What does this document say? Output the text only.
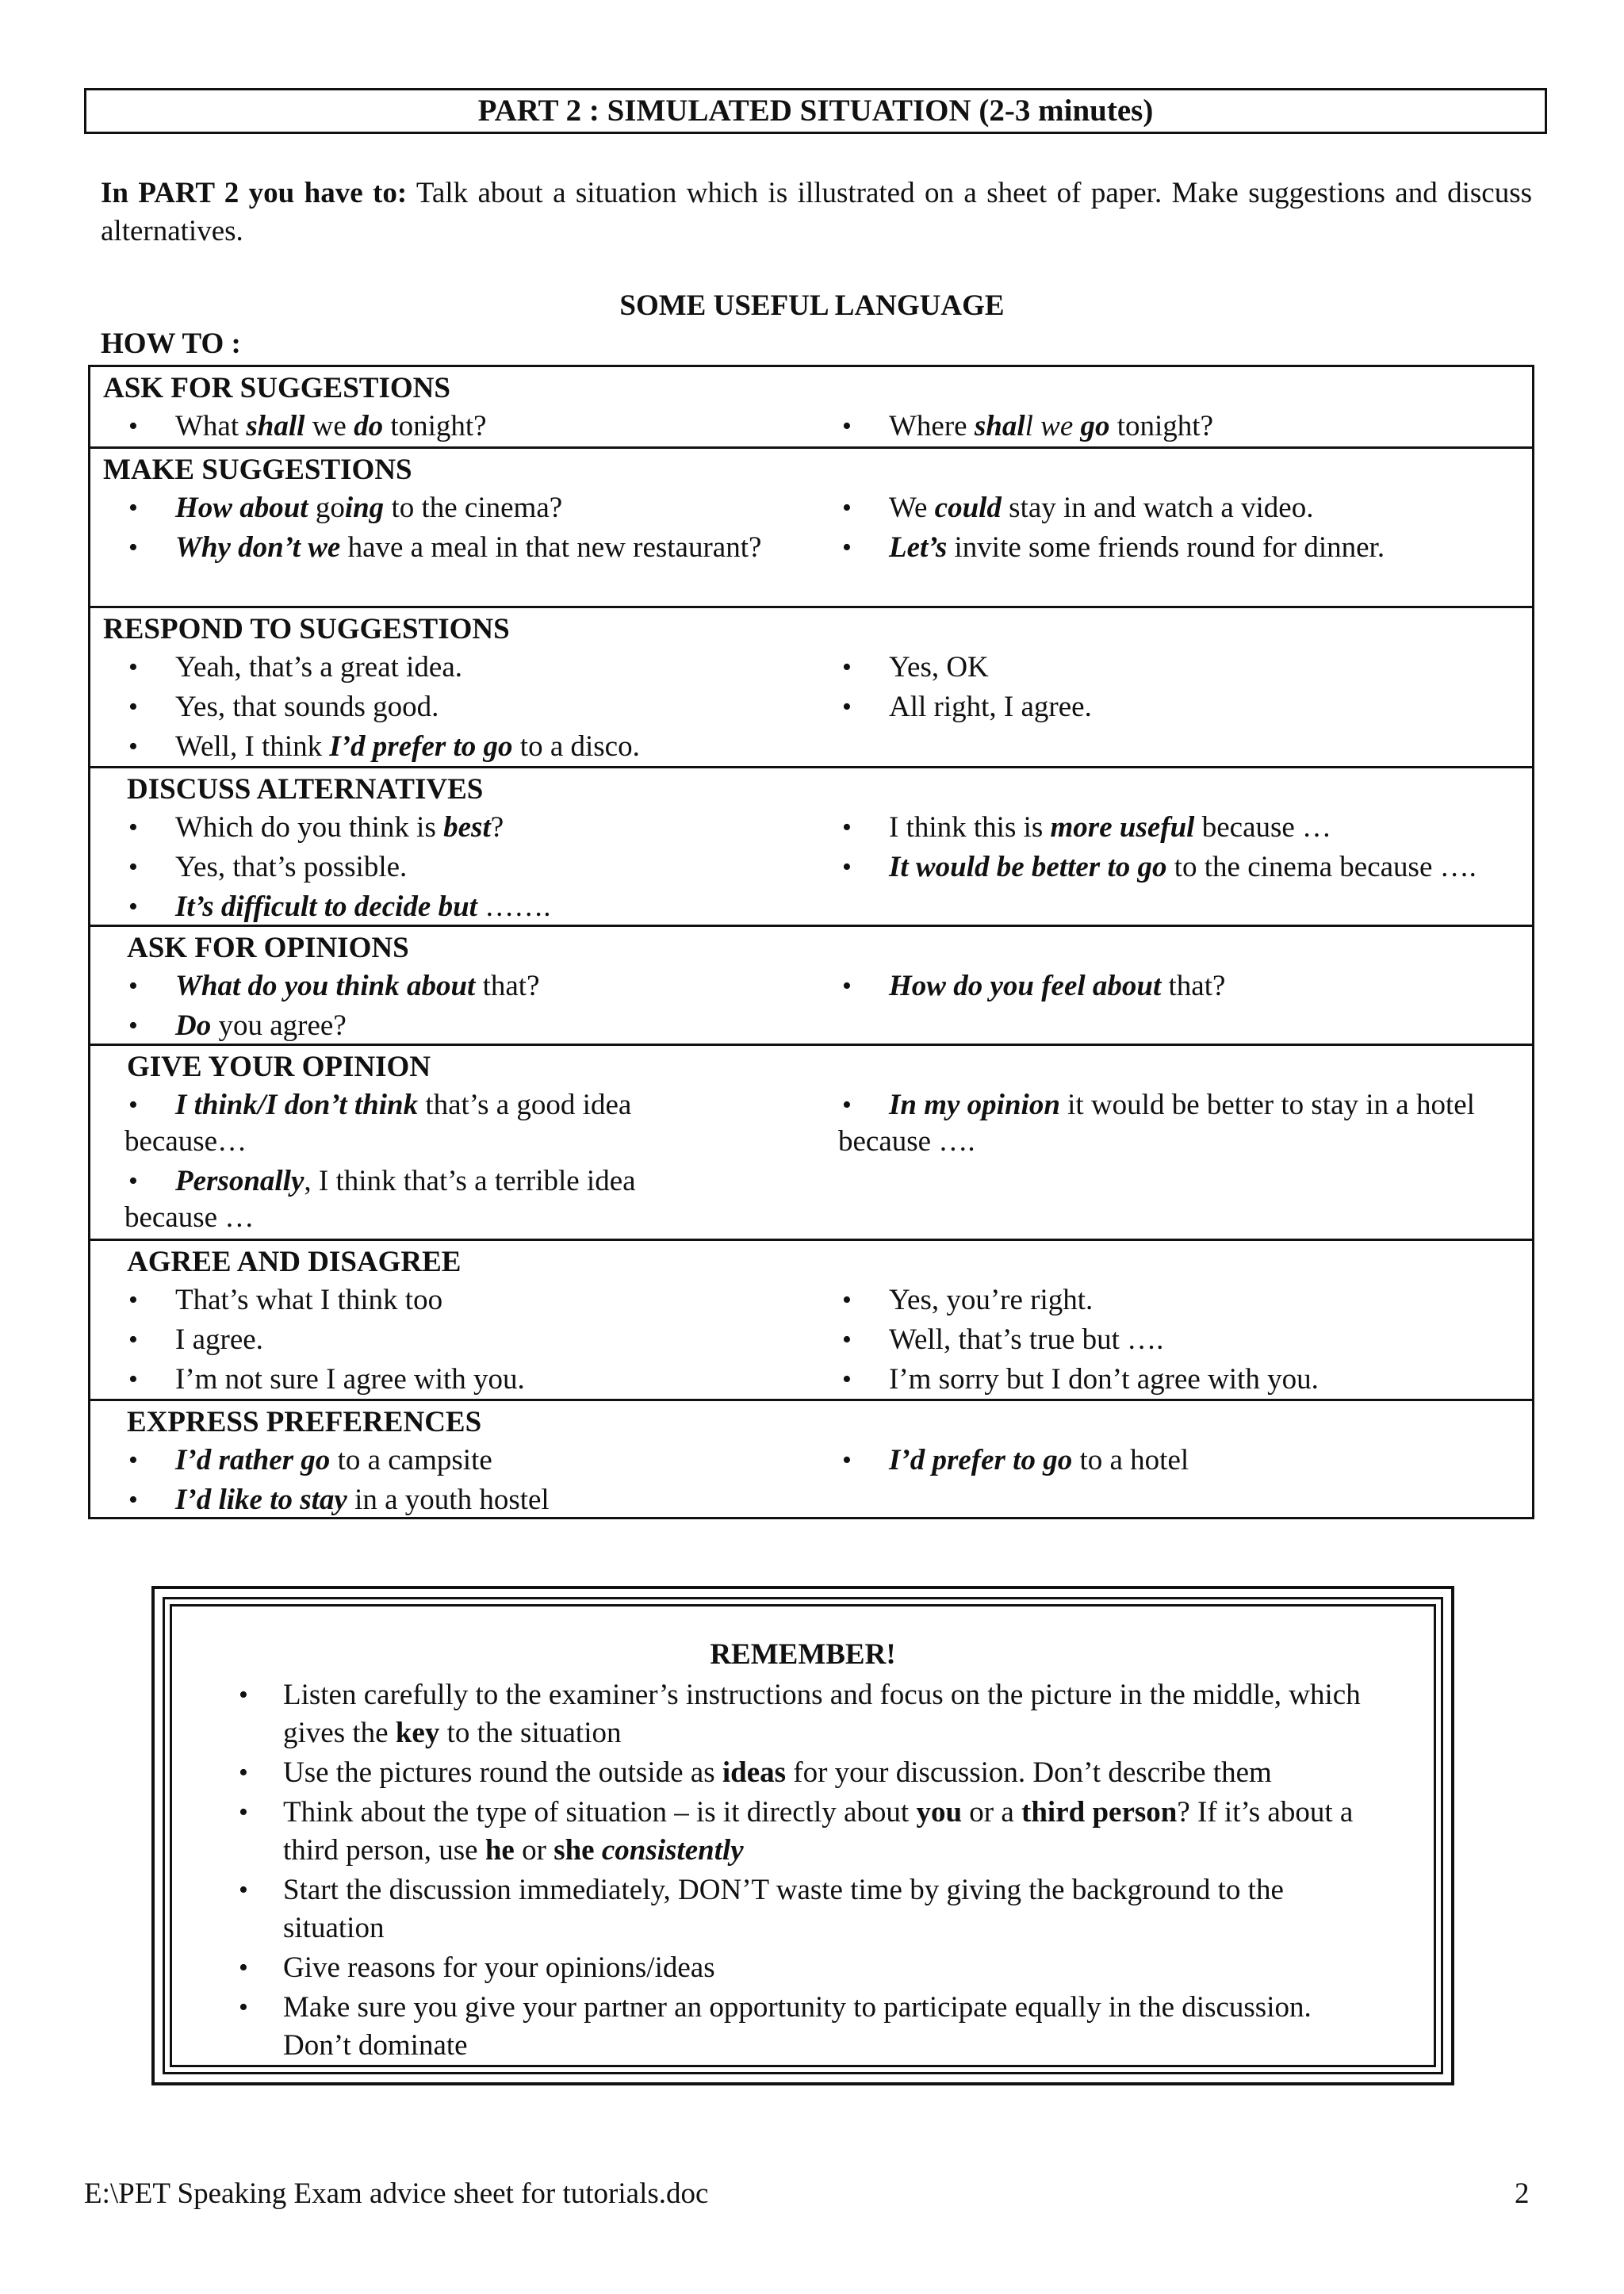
PART 2 : SIMULATED SITUATION (2-3 minutes)
In PART 2 you have to: Talk about a situation which is illustrated on a sheet of paper. Make suggestions and discuss alternatives.
SOME USEFUL LANGUAGE
HOW TO :
ASK FOR SUGGESTIONS
• What shall we do tonight?	• Where shall we go tonight?
MAKE SUGGESTIONS
• How about going to the cinema?
• Why don’t we have a meal in that new restaurant?
• We could stay in and watch a video.
• Let’s invite some friends round for dinner.
RESPOND TO SUGGESTIONS
• Yeah, that’s a great idea.
• Yes, that sounds good.
• Well, I think I’d prefer to go to a disco.
• Yes, OK
• All right, I agree.
DISCUSS ALTERNATIVES
• Which do you think is best?
• Yes, that’s possible.
• It’s difficult to decide but …….
• I think this is more useful because …
• It would be better to go to the cinema because ….
ASK FOR OPINIONS
• What do you think about that?
• Do you agree?
• How do you feel about that?
GIVE YOUR OPINION
• I think/I don’t think that’s a good idea
because…
• Personally, I think that’s a terrible idea
because …
• In my opinion it would be better to stay in a hotel
because ….
AGREE AND DISAGREE
• That’s what I think too
• I agree.
• I’m not sure I agree with you.
• Yes, you’re right.
• Well, that’s true but ….
• I’m sorry but I don’t agree with you.
EXPRESS PREFERENCES
• I’d rather go to a campsite
• I’d like to stay in a youth hostel
• I’d prefer to go to a hotel
REMEMBER!
• Listen carefully to the examiner’s instructions and focus on the picture in the middle, which gives the key to the situation
• Use the pictures round the outside as ideas for your discussion. Don’t describe them
• Think about the type of situation – is it directly about you or a third person? If it’s about a third person, use he or she consistently
• Start the discussion immediately, DON’T waste time by giving the background to the situation
• Give reasons for your opinions/ideas
• Make sure you give your partner an opportunity to participate equally in the discussion. Don’t dominate
E:\PET Speaking Exam advice sheet for tutorials.doc	2
